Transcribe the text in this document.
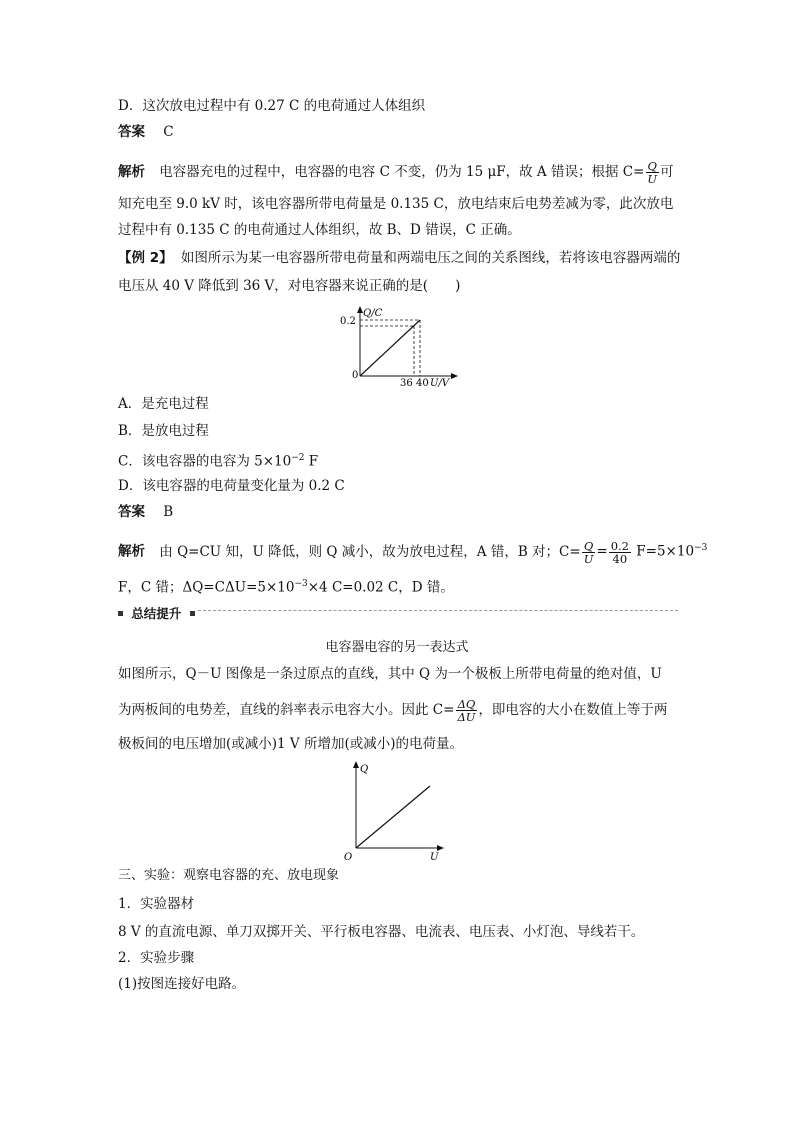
D．这次放电过程中有 0.27 C 的电荷通过人体组织
答案 C
解析 电容器充电的过程中，电容器的电容 C 不变，仍为 15 μF，故 A 错误；根据 $C= \frac{Q}{U}$ 可
知充电至 9.0 kV 时，该电容器所带电荷量是 0.135 C，放电结束后电势差减为零，此次放电
过程中有 0.135 C 的电荷通过人体组织，故 B、D 错误，C 正确。
【例 2】 如图所示为某一电容器所带电荷量和两端电压之间的关系图线，若将该电容器两端的
电压从 40 V 降低到 36 V，对电容器来说正确的是(　　)
Q/C
0.2
0
36 40 U/V
A．是充电过程
B．是放电过程
C．该电容器的电容为 $5\times 10^{-2}$ F
D．该电容器的电荷量变化量为 0.2 C
答案 B
解析 由 Q=CU 知，U 降低，则 Q 减小，故为放电过程，A 错，B 对；$C= \frac{Q}{U} = \frac{0.2}{40} F=5\times 10^{-3}$
F，C 错；$\Delta Q=C\Delta U=5\times 10^{-3}\times 4$ C=0.02 C，D 错。
总结提升
电容器电容的另一表达式
如图所示，Q－U 图像是一条过原点的直线，其中 Q 为一个极板上所带电荷量的绝对值，U
为两板间的电势差，直线的斜率表示电容大小。因此 $C= \frac{\Delta Q}{\Delta U}$ ，即电容的大小在数值上等于两
极板间的电压增加(或减小)1 V 所增加(或减小)的电荷量。
Q
O	U
三、实验：观察电容器的充、放电现象
1．实验器材
8 V 的直流电源、单刀双掷开关、平行板电容器、电流表、电压表、小灯泡、导线若干。
2．实验步骤
(1)按图连接好电路。
